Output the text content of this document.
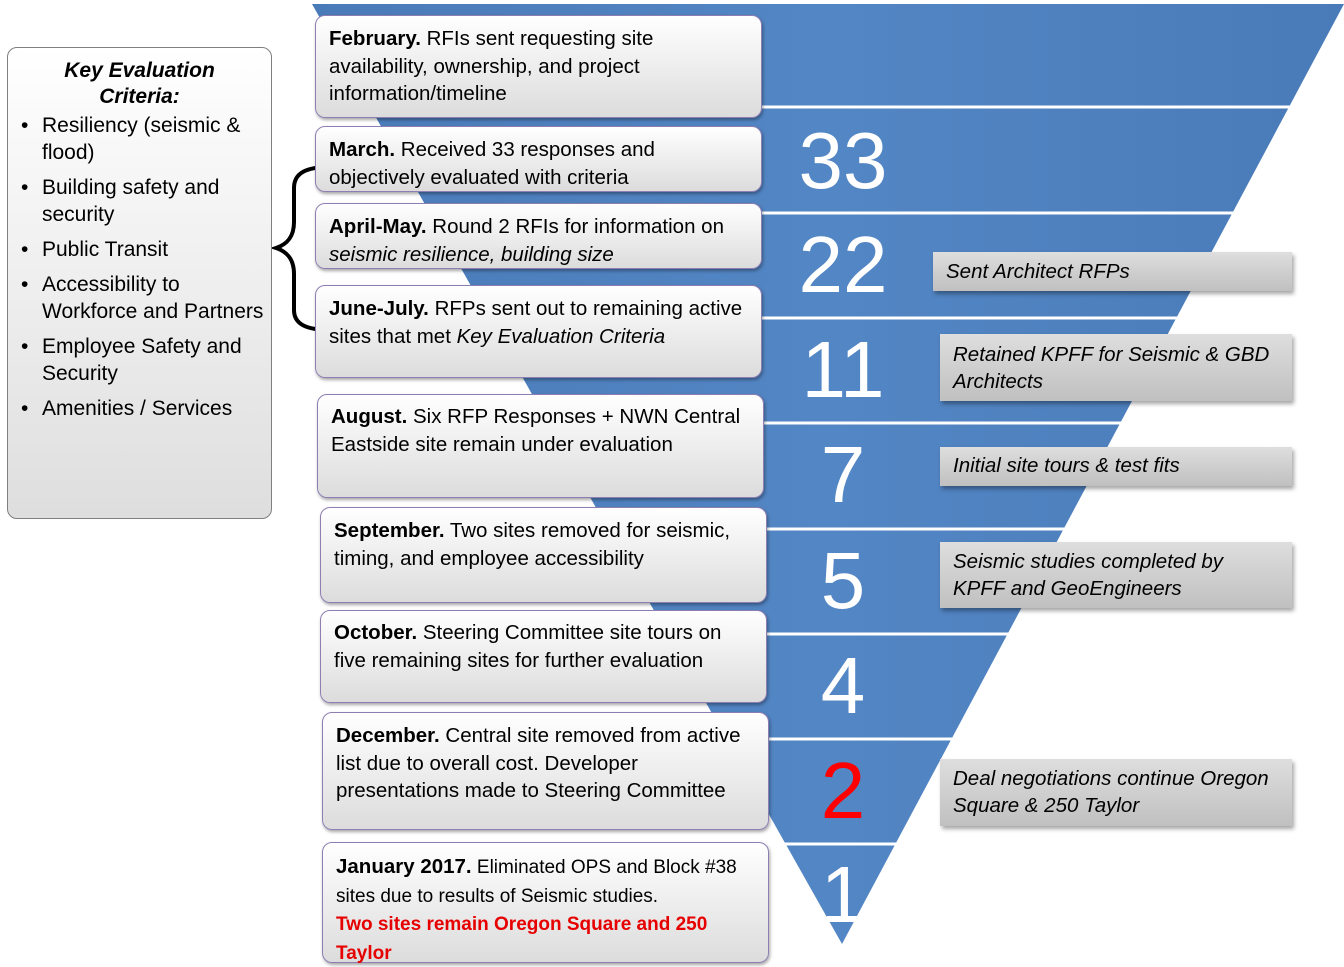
Key Evaluation Criteria:
• Resiliency (seismic & flood)
• Building safety and security
• Public Transit
• Accessibility to Workforce and Partners
• Employee Safety and Security
• Amenities / Services
February. RFIs sent requesting site availability, ownership, and project information/timeline
March. Received 33 responses and objectively evaluated with criteria
April-May. Round 2 RFIs for information on seismic resilience, building size
June-July. RFPs sent out to remaining active sites that met Key Evaluation Criteria
August. Six RFP Responses + NWN Central Eastside site remain under evaluation
September. Two sites removed for seismic, timing, and employee accessibility
October. Steering Committee site tours on five remaining sites for further evaluation
December. Central site removed from active list due to overall cost. Developer presentations made to Steering Committee
January 2017. Eliminated OPS and Block #38 sites due to results of Seismic studies.
Two sites remain Oregon Square and 250 Taylor
33
22
11
7
5
4
2
1
Sent Architect RFPs
Retained KPFF for Seismic & GBD Architects
Initial site tours & test fits
Seismic studies completed by KPFF and GeoEngineers
Deal negotiations continue Oregon Square & 250 Taylor
